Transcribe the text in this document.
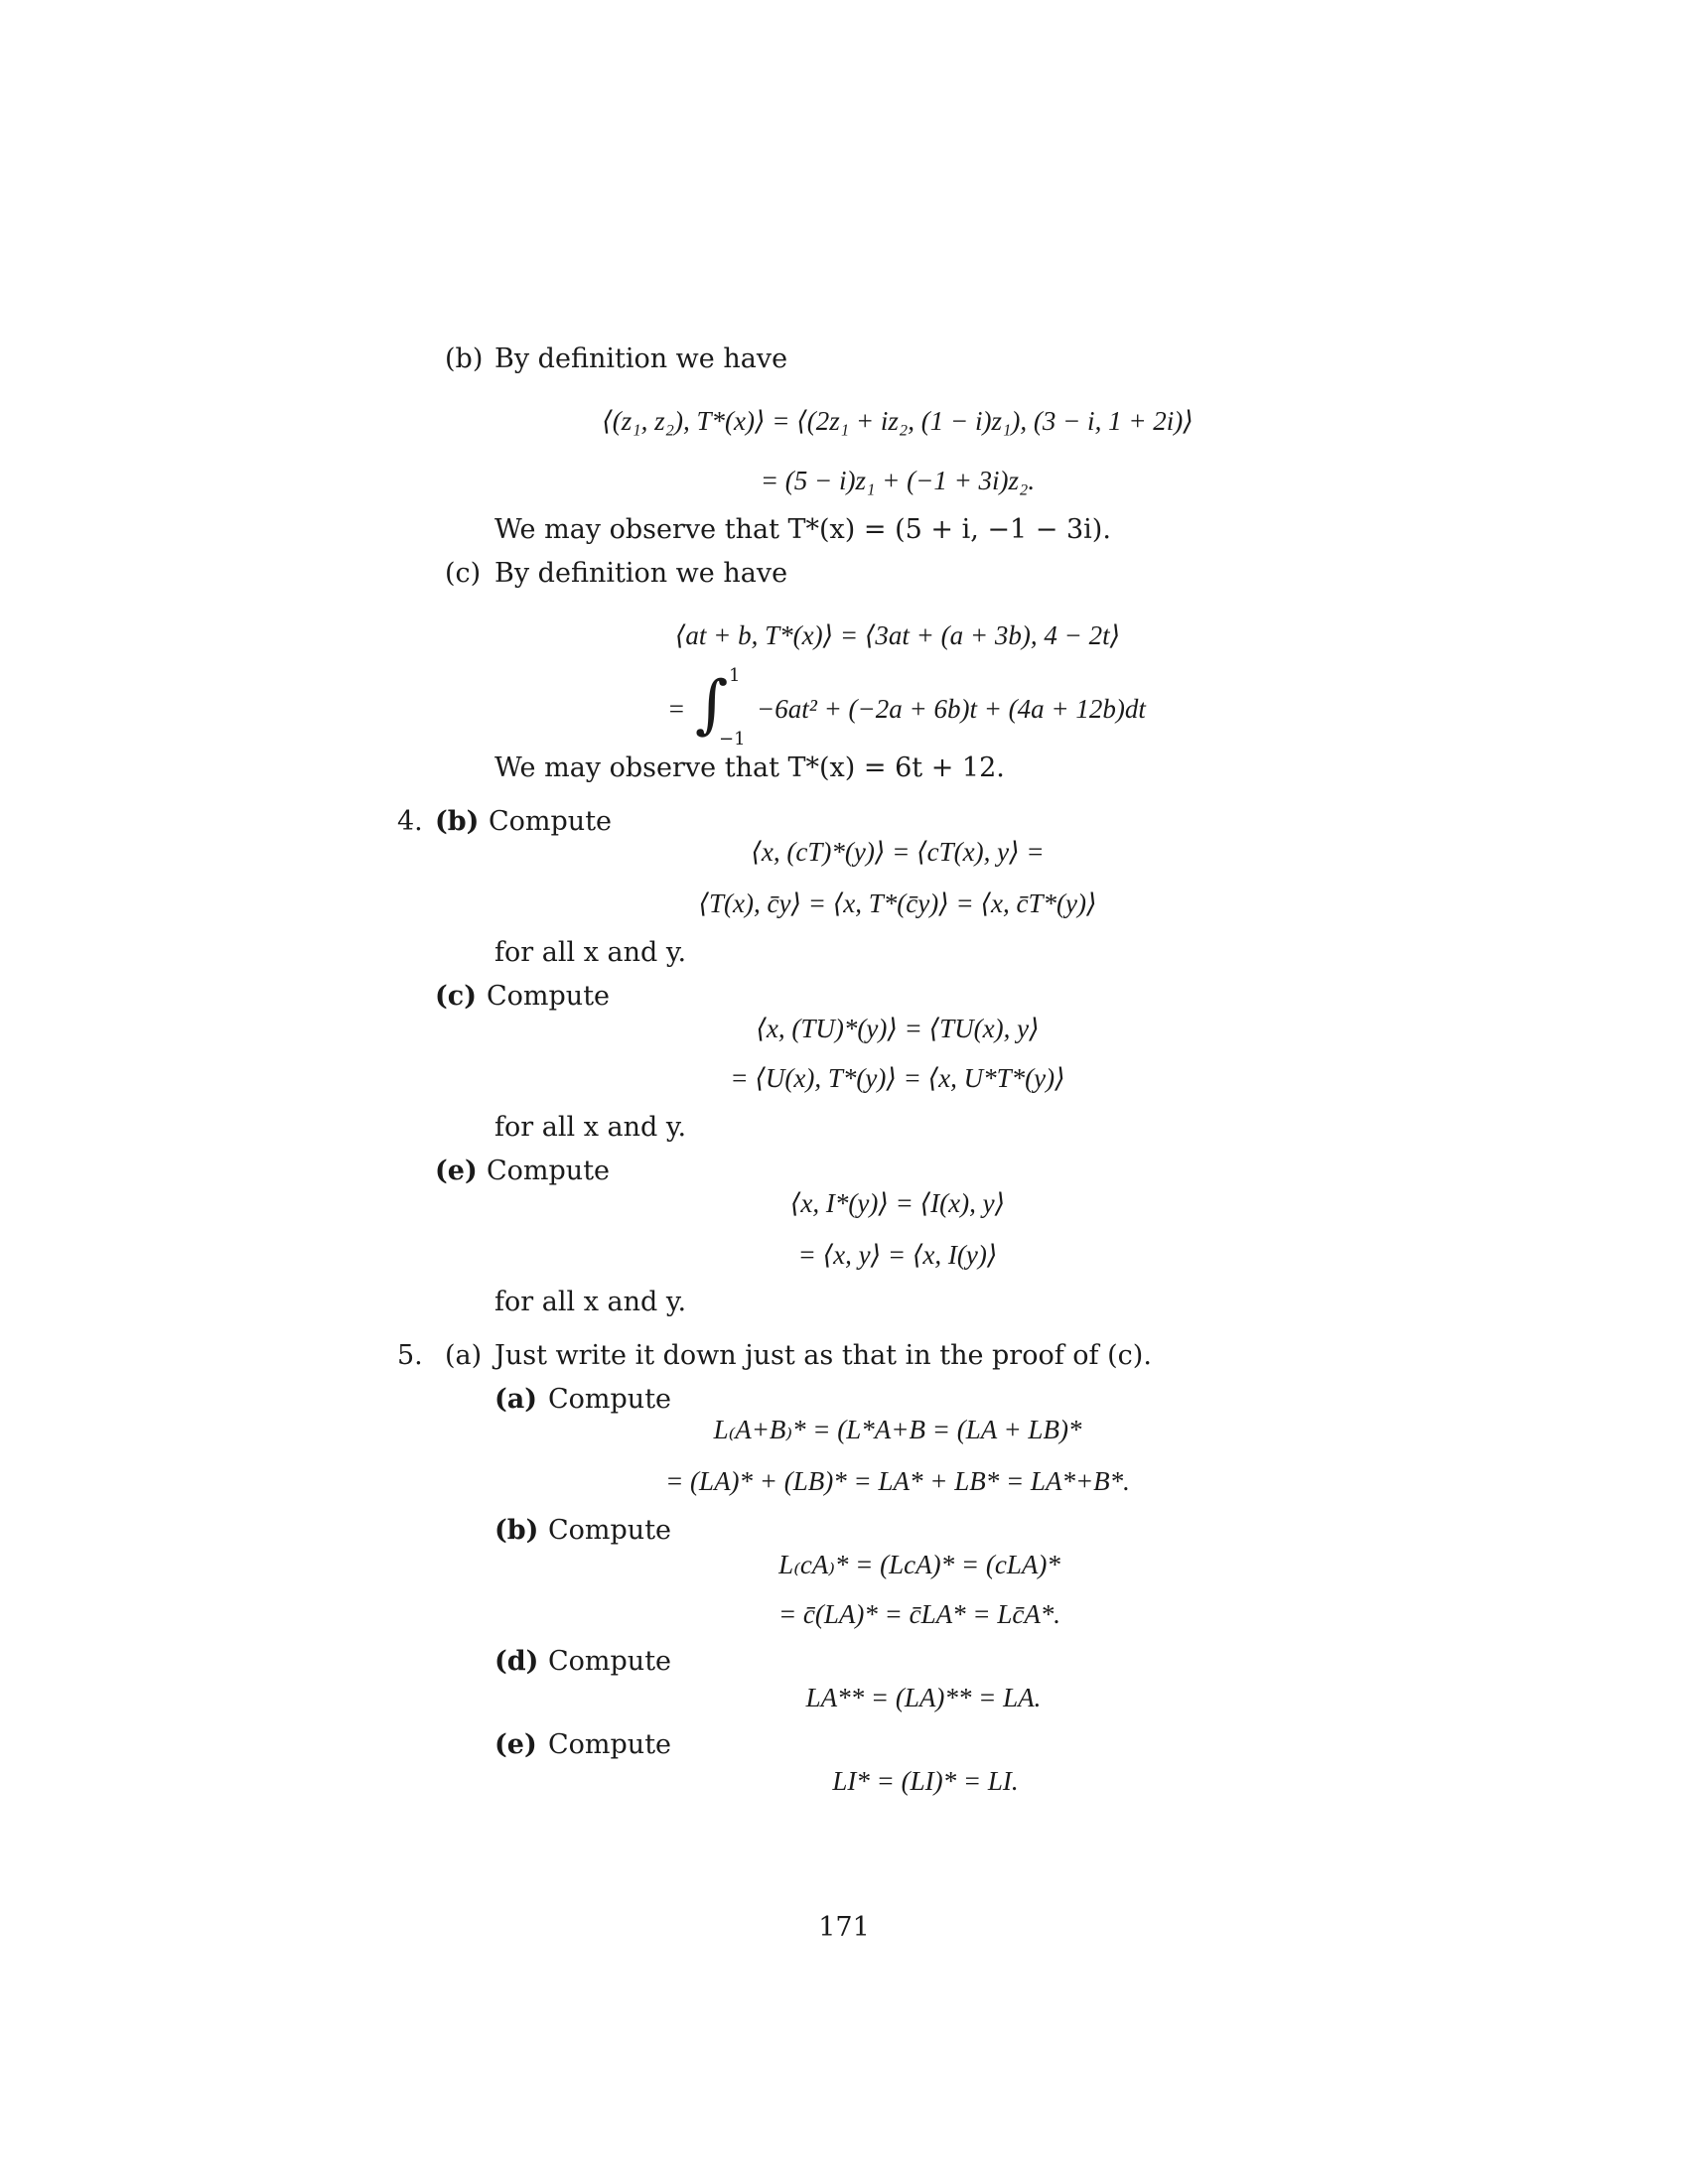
(b) By definition we have
⟨(z₁, z₂), T*(x)⟩ = ⟨(2z₁ + iz₂, (1 − i)z₁), (3 − i, 1 + 2i)⟩
= (5 − i)z₁ + (−1 + 3i)z₂.
We may observe that T*(x) = (5 + i, −1 − 3i).
(c) By definition we have
⟨at + b, T*(x)⟩ = ⟨3at + (a + 3b), 4 − 2t⟩
= ∫ 1
−1
−6at² + (−2a + 6b)t + (4a + 12b)dt
We may observe that T*(x) = 6t + 12.
4. (b) Compute
⟨x, (cT)*(y)⟩ = ⟨cT(x), y⟩ =
⟨T(x), c̄y⟩ = ⟨x, T*(c̄y)⟩ = ⟨x, c̄T*(y)⟩
for all x and y.
(c) Compute
⟨x, (TU)*(y)⟩ = ⟨TU(x), y⟩
= ⟨U(x), T*(y)⟩ = ⟨x, U*T*(y)⟩
for all x and y.
(e) Compute
⟨x, I*(y)⟩ = ⟨I(x), y⟩
= ⟨x, y⟩ = ⟨x, I(y)⟩
for all x and y.
5. (a) Just write it down just as that in the proof of (c).
(a) Compute
L₍A+B₎* = (L*A+B = (LA + LB)*
= (LA)* + (LB)* = LA* + LB* = LA*+B*.
(b) Compute
L₍cA₎* = (LcA)* = (cLA)*
= c̄(LA)* = c̄LA* = Lc̄A*.
(d) Compute
LA** = (LA)** = LA.
(e) Compute
LI* = (LI)* = LI.
171
